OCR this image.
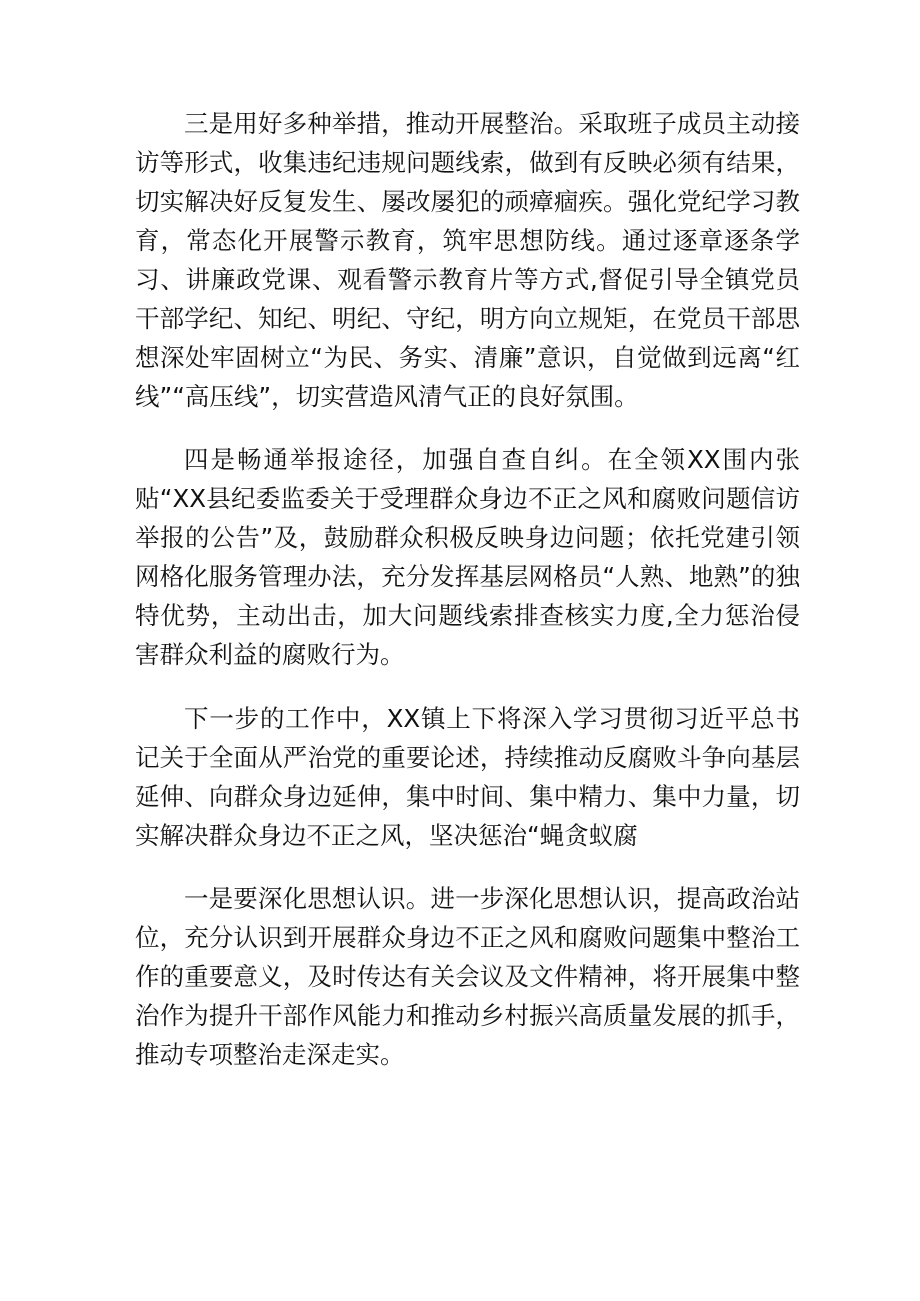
三是用好多种举措，推动开展整治。采取班子成员主动接访等形式，收集违纪违规问题线索，做到有反映必须有结果，切实解决好反复发生、屡改屡犯的顽瘴痼疾。强化党纪学习教育，常态化开展警示教育，筑牢思想防线。通过逐章逐条学习、讲廉政党课、观看警示教育片等方式,督促引导全镇党员干部学纪、知纪、明纪、守纪，明方向立规矩，在党员干部思想深处牢固树立“为民、务实、清廉”意识，自觉做到远离“红线”“高压线”，切实营造风清气正的良好氛围。

四是畅通举报途径，加强自查自纠。在全领XX围内张贴“XX县纪委监委关于受理群众身边不正之风和腐败问题信访举报的公告”及，鼓励群众积极反映身边问题；依托党建引领网格化服务管理办法，充分发挥基层网格员“人熟、地熟”的独特优势，主动出击，加大问题线索排查核实力度,全力惩治侵害群众利益的腐败行为。

下一步的工作中，XX镇上下将深入学习贯彻习近平总书记关于全面从严治党的重要论述，持续推动反腐败斗争向基层延伸、向群众身边延伸，集中时间、集中精力、集中力量，切实解决群众身边不正之风，坚决惩治“蝇贪蚁腐

一是要深化思想认识。进一步深化思想认识，提高政治站位，充分认识到开展群众身边不正之风和腐败问题集中整治工作的重要意义，及时传达有关会议及文件精神，将开展集中整治作为提升干部作风能力和推动乡村振兴高质量发展的抓手，推动专项整治走深走实。
